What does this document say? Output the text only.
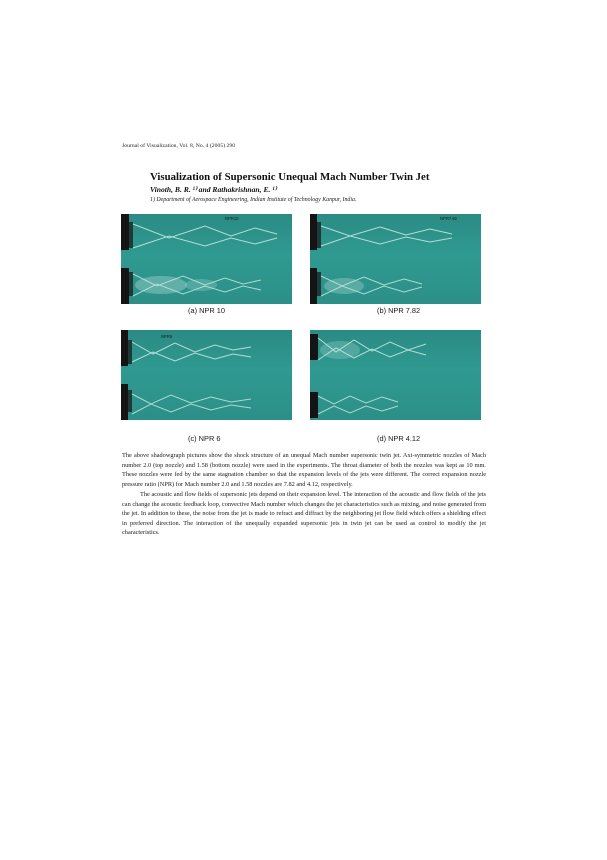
Journal of Visualization, Vol. 8, No. 4 (2005) 290
Visualization of Supersonic Unequal Mach Number Twin Jet
Vinoth, B. R. ¹⁾ and Rathakrishnan, E. ¹⁾
1) Department of Aerospace Engineering, Indian Institute of Technology Kanpur, India.
NPR10
(a) NPR 10
NPR7.82
(b) NPR 7.82
NPR6
(c) NPR 6	(d) NPR 4.12

The above shadowgraph pictures show the shock structure of an unequal Mach number supersonic twin jet. Axi-symmetric nozzles of Mach number 2.0 (top nozzle) and 1.58 (bottom nozzle) were used in the experiments. The throat diameter of both the nozzles was kept as 10 mm. These nozzles were fed by the same stagnation chamber so that the expansion levels of the jets were different. The correct expansion nozzle pressure ratio (NPR) for Mach number 2.0 and 1.58 nozzles are 7.82 and 4.12, respectively.

The acoustic and flow fields of supersonic jets depend on their expansion level. The interaction of the acoustic and flow fields of the jets can change the acoustic feedback loop, convective Mach number which changes the jet characteristics such as mixing, and noise generated from the jet. In addition to these, the noise from the jet is made to refract and diffract by the neighboring jet flow field which offers a shielding effect in preferred direction. The interaction of the unequally expanded supersonic jets in twin jet can be used as control to modify the jet characteristics.
